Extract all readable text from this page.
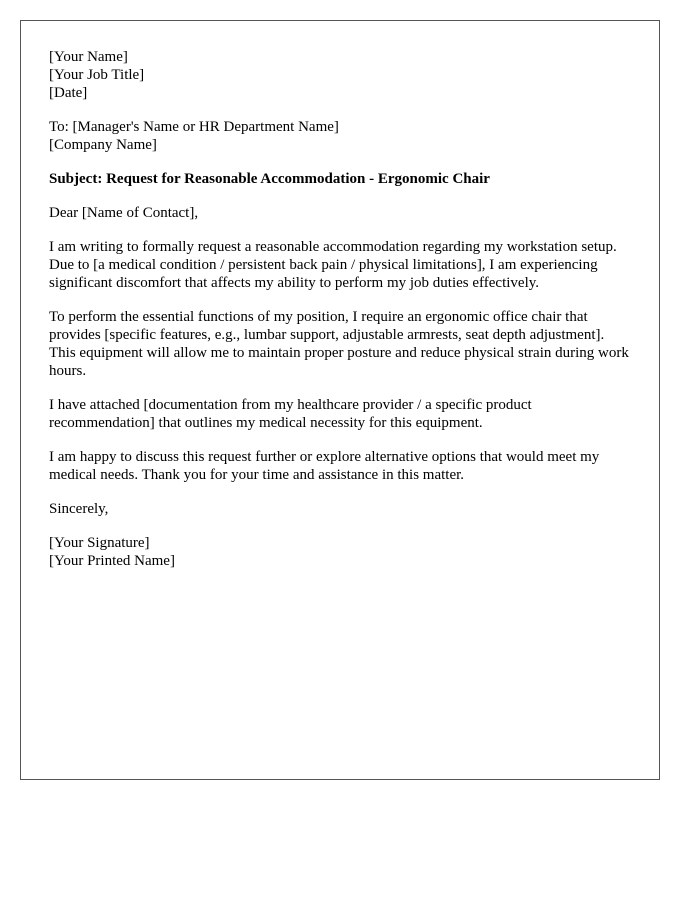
[Your Name]
[Your Job Title]
[Date]
To: [Manager's Name or HR Department Name]
[Company Name]
Subject: Request for Reasonable Accommodation - Ergonomic Chair
Dear [Name of Contact],

I am writing to formally request a reasonable accommodation regarding my workstation setup. Due to [a medical condition / persistent back pain / physical limitations], I am experiencing significant discomfort that affects my ability to perform my job duties effectively.

To perform the essential functions of my position, I require an ergonomic office chair that provides [specific features, e.g., lumbar support, adjustable armrests, seat depth adjustment]. This equipment will allow me to maintain proper posture and reduce physical strain during work hours.

I have attached [documentation from my healthcare provider / a specific product recommendation] that outlines my medical necessity for this equipment.

I am happy to discuss this request further or explore alternative options that would meet my medical needs. Thank you for your time and assistance in this matter.

Sincerely,
[Your Signature]
[Your Printed Name]
